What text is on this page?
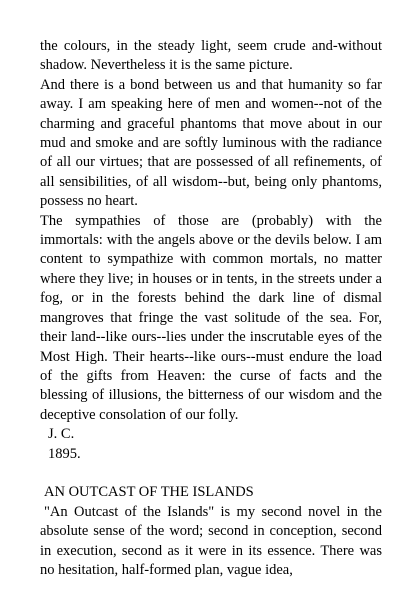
the colours, in the steady light, seem crude and-without shadow. Nevertheless it is the same picture.

And there is a bond between us and that humanity so far away. I am speaking here of men and women--not of the charming and graceful phantoms that move about in our mud and smoke and are softly luminous with the radiance of all our virtues; that are possessed of all refinements, of all sensibilities, of all wisdom--but, being only phantoms, possess no heart.

The sympathies of those are (probably) with the immortals: with the angels above or the devils below. I am content to sympathize with common mortals, no matter where they live; in houses or in tents, in the streets under a fog, or in the forests behind the dark line of dismal mangroves that fringe the vast solitude of the sea. For, their land--like ours--lies under the inscrutable eyes of the Most High. Their hearts--like ours--must endure the load of the gifts from Heaven: the curse of facts and the blessing of illusions, the bitterness of our wisdom and the deceptive consolation of our folly.

J. C.

1895.

AN OUTCAST OF THE ISLANDS

"An Outcast of the Islands" is my second novel in the absolute sense of the word; second in conception, second in execution, second as it were in its essence. There was no hesitation, half-formed plan, vague idea,
